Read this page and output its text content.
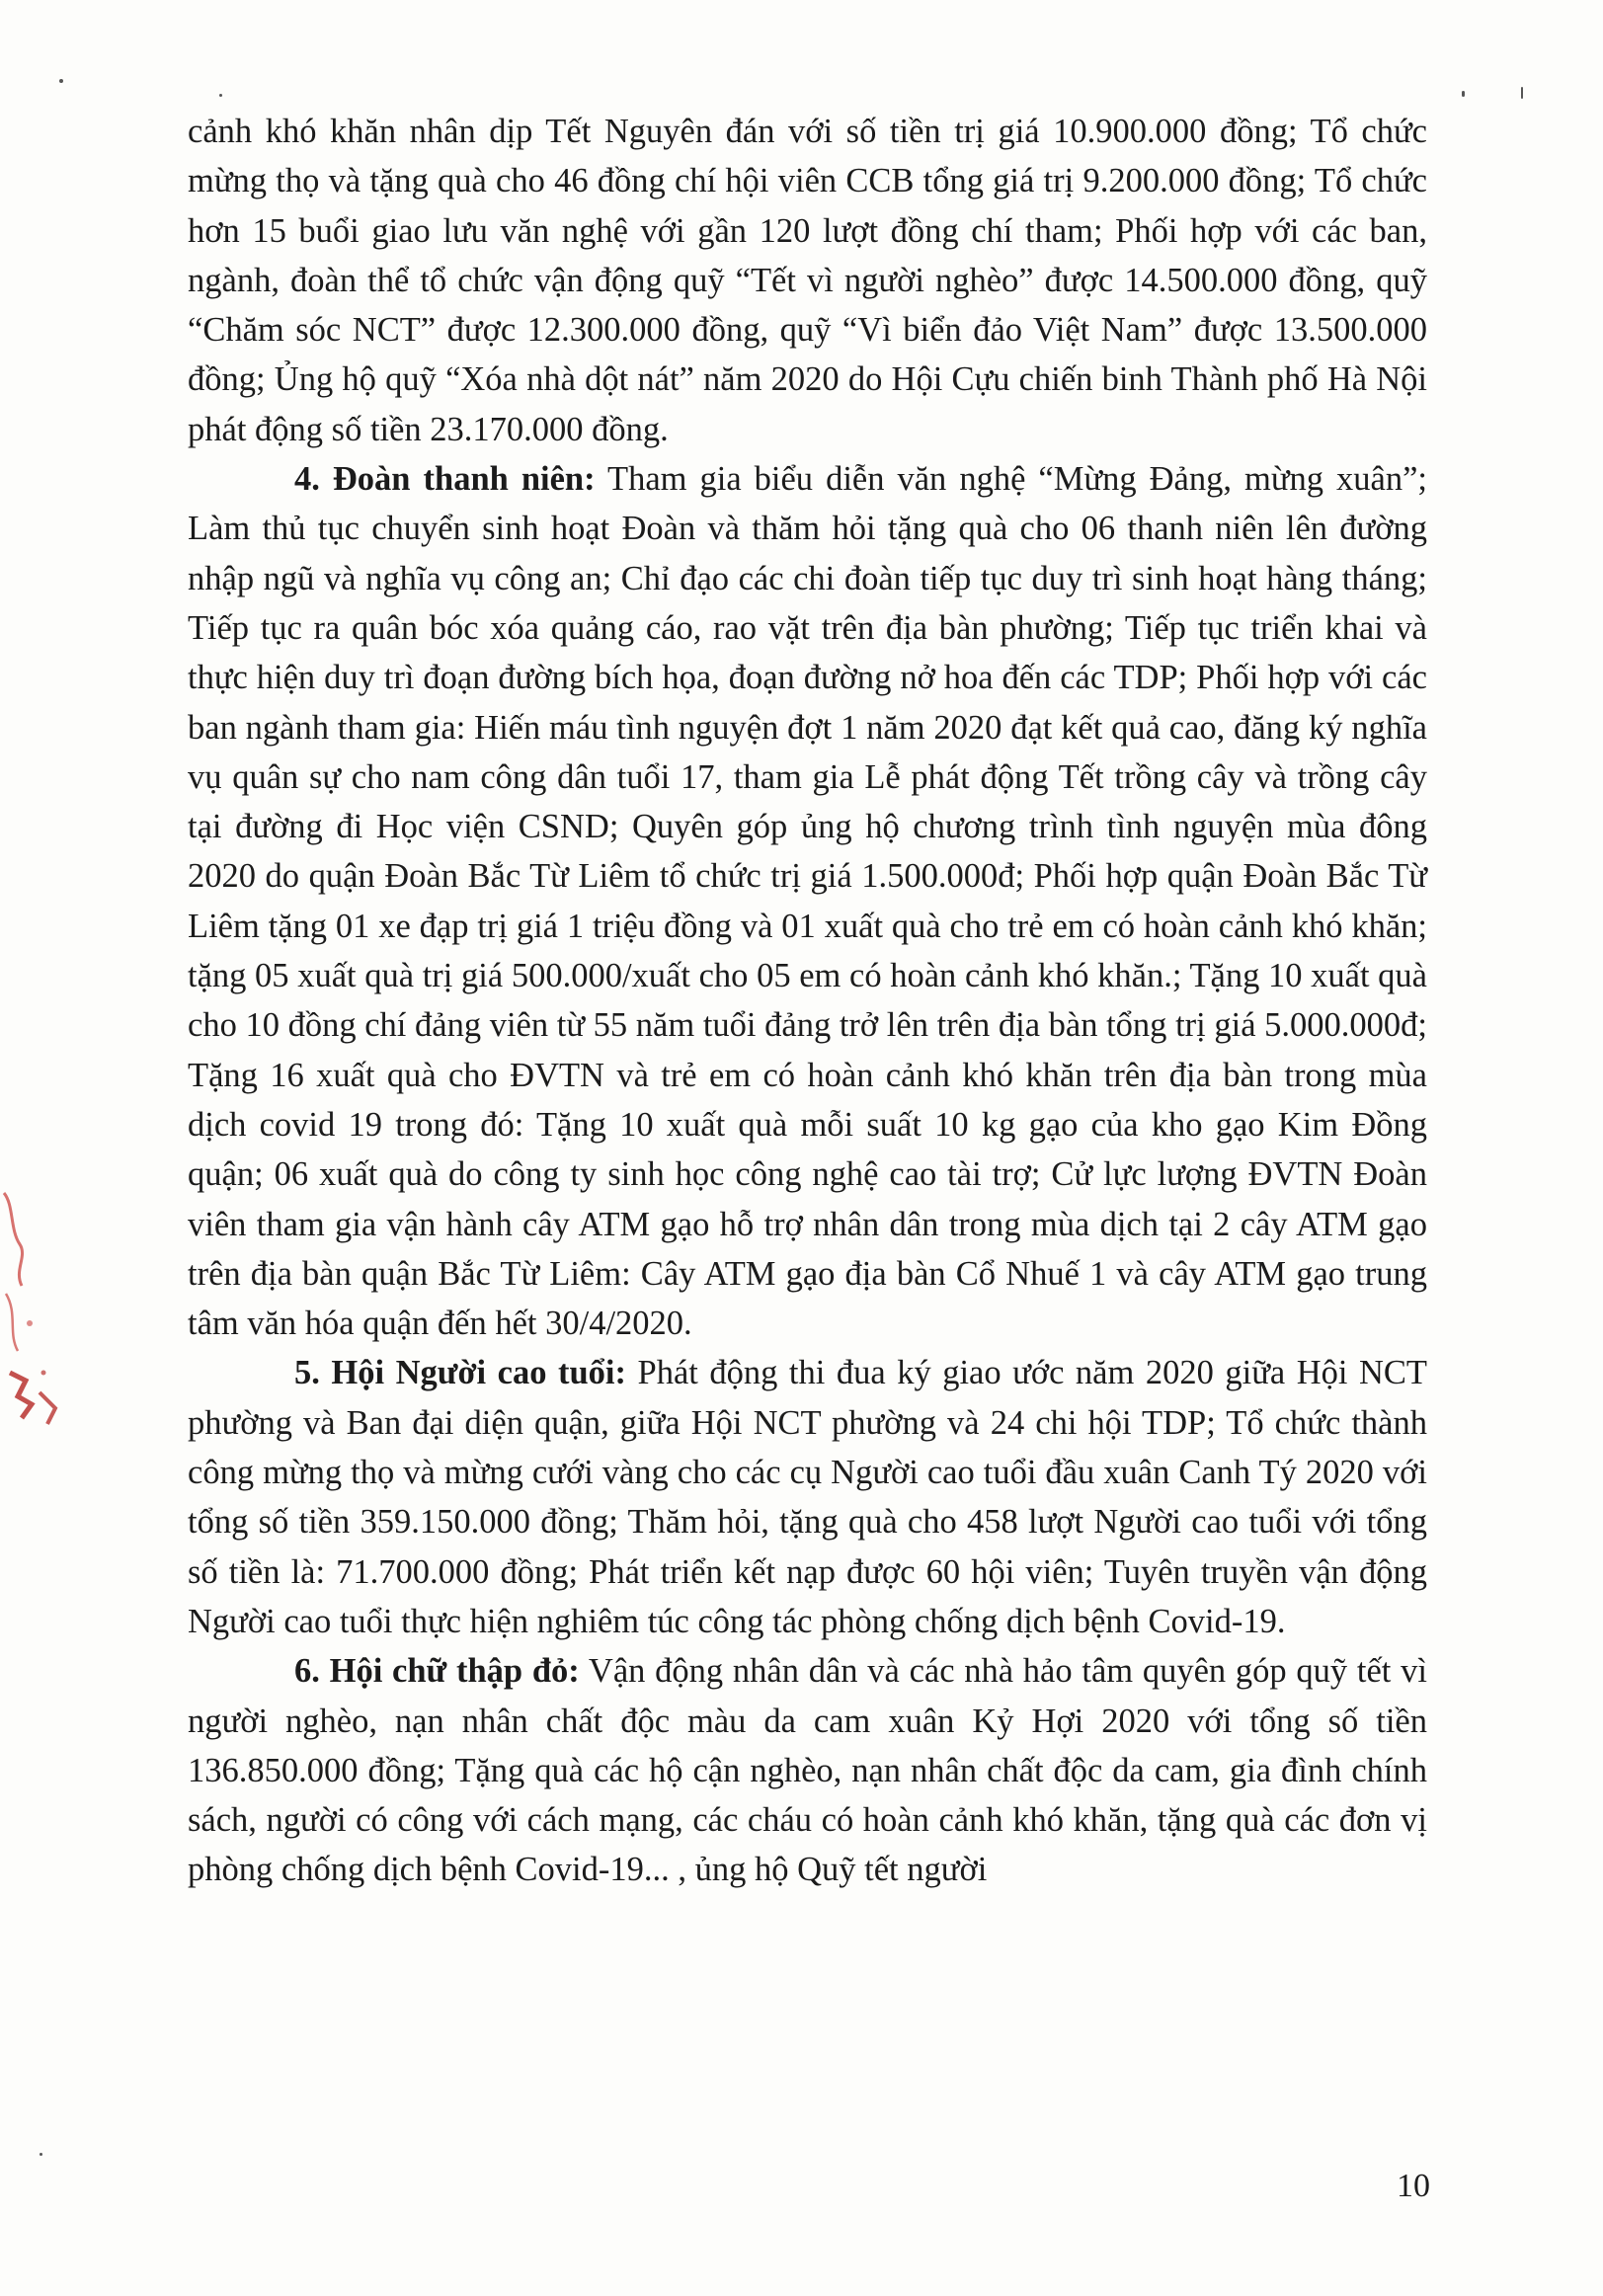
cảnh khó khăn nhân dịp Tết Nguyên đán với số tiền trị giá 10.900.000 đồng; Tổ chức mừng thọ và tặng quà cho 46 đồng chí hội viên CCB tổng giá trị 9.200.000 đồng; Tổ chức hơn 15 buổi giao lưu văn nghệ với gần 120 lượt đồng chí tham; Phối hợp với các ban, ngành, đoàn thể tổ chức vận động quỹ “Tết vì người nghèo” được 14.500.000 đồng, quỹ “Chăm sóc NCT” được 12.300.000 đồng, quỹ “Vì biển đảo Việt Nam” được 13.500.000 đồng; Ủng hộ quỹ “Xóa nhà dột nát” năm 2020 do Hội Cựu chiến binh Thành phố Hà Nội phát động số tiền 23.170.000 đồng.

4. Đoàn thanh niên: Tham gia biểu diễn văn nghệ “Mừng Đảng, mừng xuân”; Làm thủ tục chuyển sinh hoạt Đoàn và thăm hỏi tặng quà cho 06 thanh niên lên đường nhập ngũ và nghĩa vụ công an; Chỉ đạo các chi đoàn tiếp tục duy trì sinh hoạt hàng tháng; Tiếp tục ra quân bóc xóa quảng cáo, rao vặt trên địa bàn phường; Tiếp tục triển khai và thực hiện duy trì đoạn đường bích họa, đoạn đường nở hoa đến các TDP; Phối hợp với các ban ngành tham gia: Hiến máu tình nguyện đợt 1 năm 2020 đạt kết quả cao, đăng ký nghĩa vụ quân sự cho nam công dân tuổi 17, tham gia Lễ phát động Tết trồng cây và trồng cây tại đường đi Học viện CSND; Quyên góp ủng hộ chương trình tình nguyện mùa đông 2020 do quận Đoàn Bắc Từ Liêm tổ chức trị giá 1.500.000đ; Phối hợp quận Đoàn Bắc Từ Liêm tặng 01 xe đạp trị giá 1 triệu đồng và 01 xuất quà cho trẻ em có hoàn cảnh khó khăn; tặng 05 xuất quà trị giá 500.000/xuất cho 05 em có hoàn cảnh khó khăn.; Tặng 10 xuất quà cho 10 đồng chí đảng viên từ 55 năm tuổi đảng trở lên trên địa bàn tổng trị giá 5.000.000đ; Tặng 16 xuất quà cho ĐVTN và trẻ em có hoàn cảnh khó khăn trên địa bàn trong mùa dịch covid 19 trong đó: Tặng 10 xuất quà mỗi suất 10 kg gạo của kho gạo Kim Đồng quận; 06 xuất quà do công ty sinh học công nghệ cao tài trợ; Cử lực lượng ĐVTN Đoàn viên tham gia vận hành cây ATM gạo hỗ trợ nhân dân trong mùa dịch tại 2 cây ATM gạo trên địa bàn quận Bắc Từ Liêm: Cây ATM gạo địa bàn Cổ Nhuế 1 và cây ATM gạo trung tâm văn hóa quận đến hết 30/4/2020.

5. Hội Người cao tuổi: Phát động thi đua ký giao ước năm 2020 giữa Hội NCT phường và Ban đại diện quận, giữa Hội NCT phường và 24 chi hội TDP; Tổ chức thành công mừng thọ và mừng cưới vàng cho các cụ Người cao tuổi đầu xuân Canh Tý 2020 với tổng số tiền 359.150.000 đồng; Thăm hỏi, tặng quà cho 458 lượt Người cao tuổi với tổng số tiền là: 71.700.000 đồng; Phát triển kết nạp được 60 hội viên; Tuyên truyền vận động Người cao tuổi thực hiện nghiêm túc công tác phòng chống dịch bệnh Covid-19.

6. Hội chữ thập đỏ: Vận động nhân dân và các nhà hảo tâm quyên góp quỹ tết vì người nghèo, nạn nhân chất độc màu da cam xuân Kỷ Hợi 2020 với tổng số tiền 136.850.000 đồng; Tặng quà các hộ cận nghèo, nạn nhân chất độc da cam, gia đình chính sách, người có công với cách mạng, các cháu có hoàn cảnh khó khăn, tặng quà các đơn vị phòng chống dịch bệnh Covid-19... , ủng hộ Quỹ tết người

10
